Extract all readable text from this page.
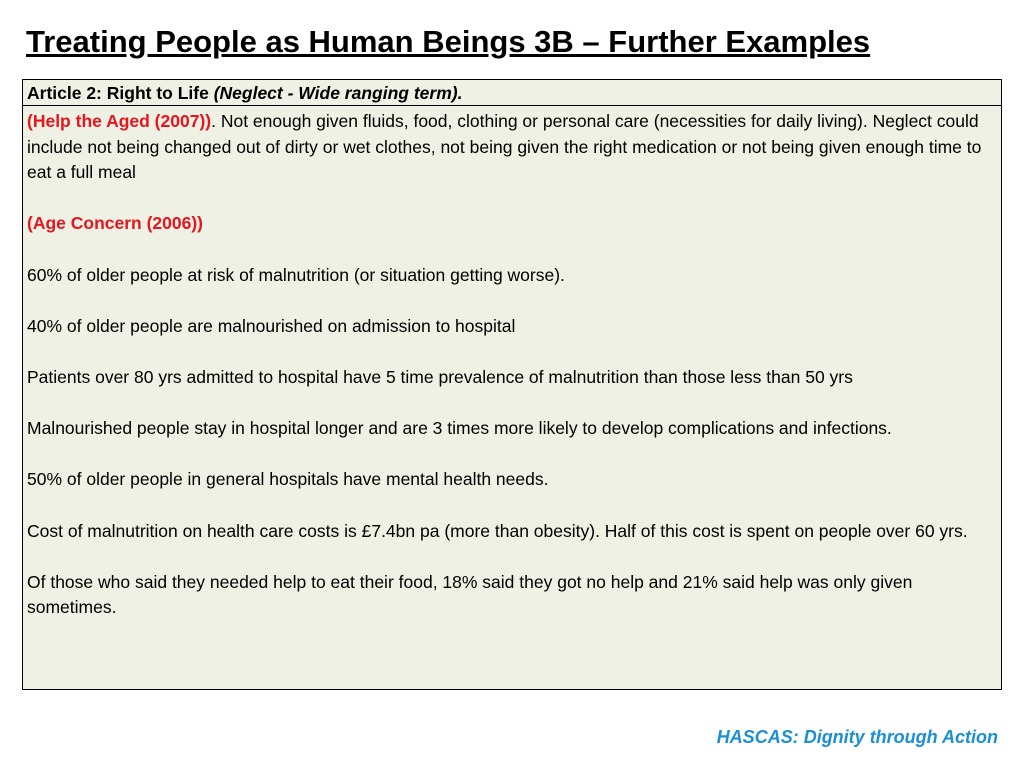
Treating People as Human Beings 3B – Further Examples
Article 2: Right to Life (Neglect - Wide ranging term).

(Help the Aged (2007)). Not enough given fluids, food, clothing or personal care (necessities for daily living). Neglect could include not being changed out of dirty or wet clothes, not being given the right medication or not being given enough time to eat a full meal

(Age Concern (2006))

60% of older people at risk of malnutrition (or situation getting worse).

40% of older people are malnourished on admission to hospital

Patients over 80 yrs admitted to hospital have 5 time prevalence of malnutrition than those less than 50 yrs

Malnourished people stay in hospital longer and are 3 times more likely to develop complications and infections.

50% of older people in general hospitals have mental health needs.

Cost of malnutrition on health care costs is £7.4bn pa (more than obesity). Half of this cost is spent on people over 60 yrs.

Of those who said they needed help to eat their food, 18% said they got no help and 21% said help was only given sometimes.

HASCAS: Dignity through Action
